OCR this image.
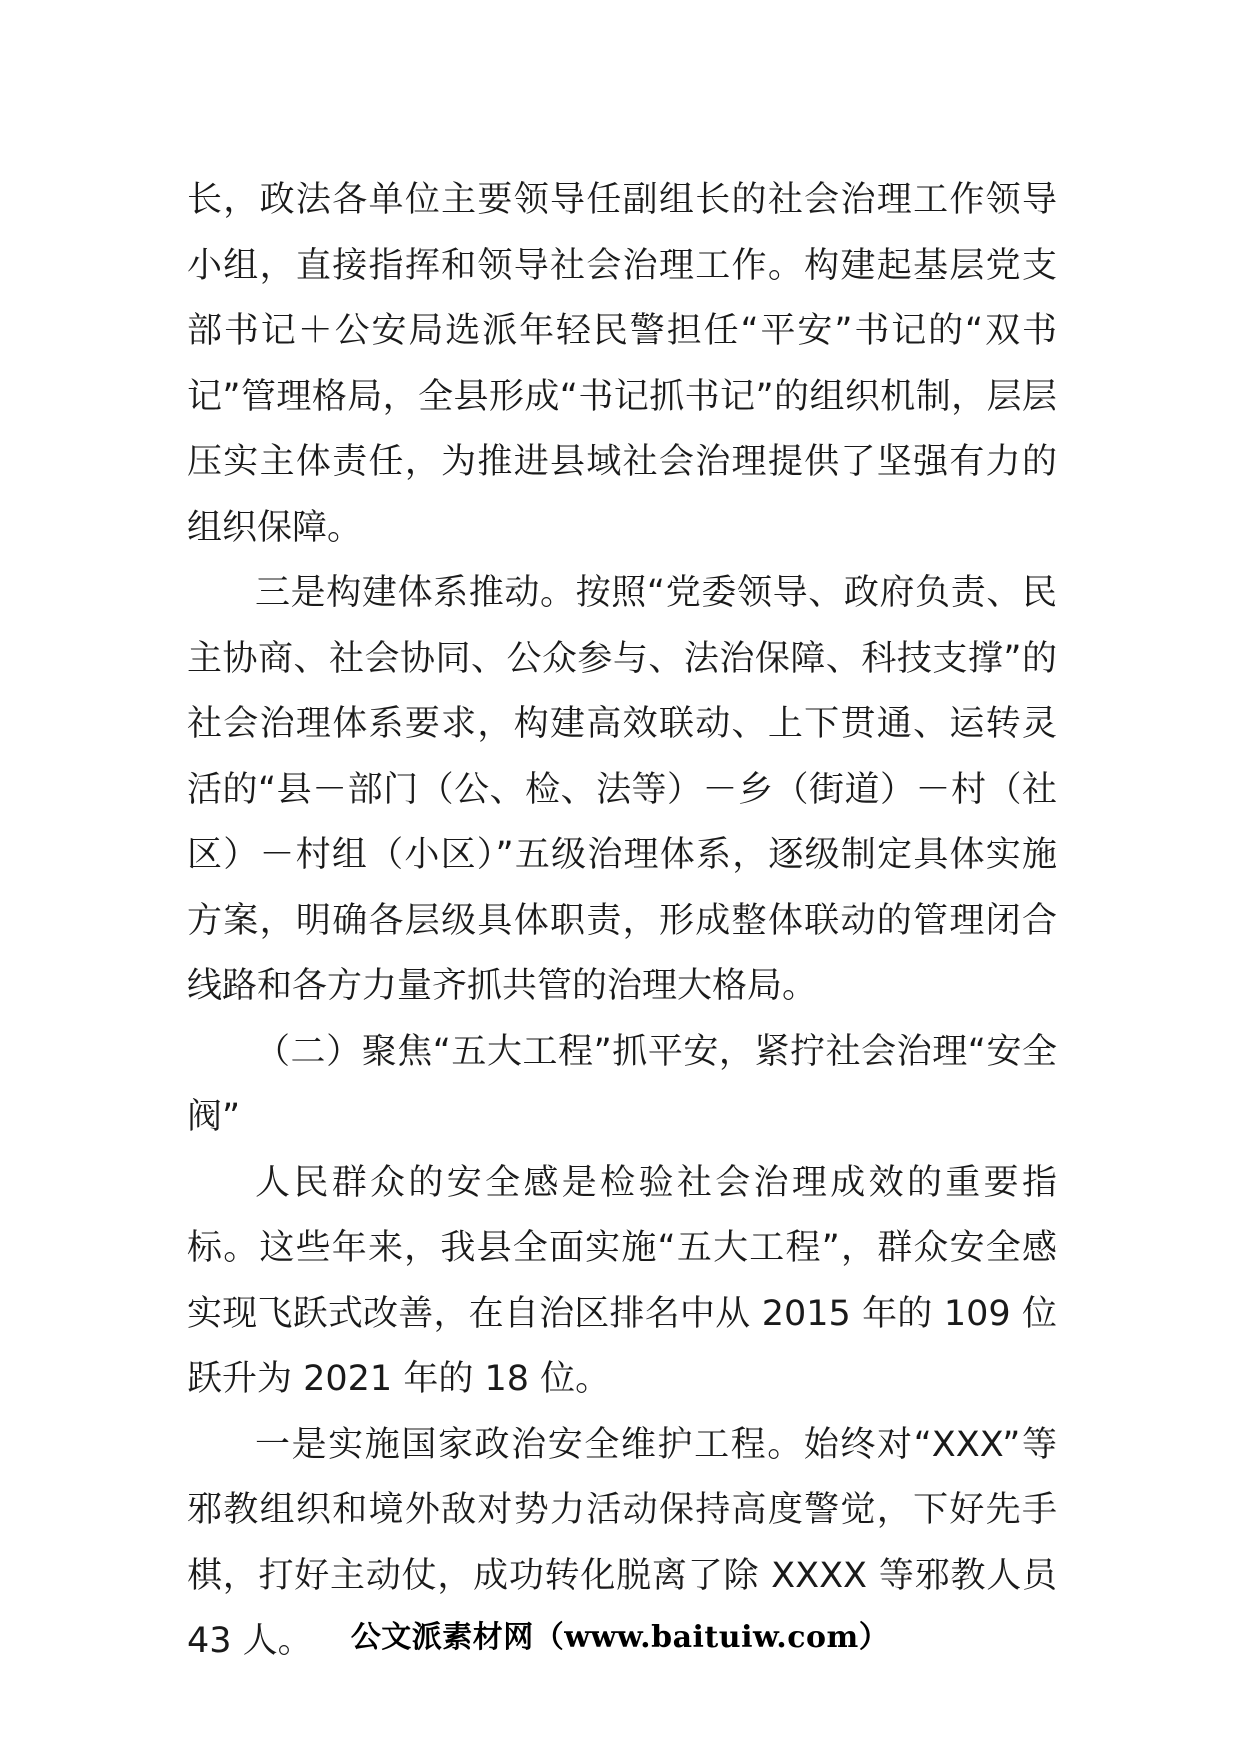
长，政法各单位主要领导任副组长的社会治理工作领导小组，直接指挥和领导社会治理工作。构建起基层党支部书记＋公安局选派年轻民警担任“平安”书记的“双书记”管理格局，全县形成“书记抓书记”的组织机制，层层压实主体责任，为推进县域社会治理提供了坚强有力的组织保障。

三是构建体系推动。按照“党委领导、政府负责、民主协商、社会协同、公众参与、法治保障、科技支撑”的社会治理体系要求，构建高效联动、上下贯通、运转灵活的“县－部门（公、检、法等）－乡（街道）－村（社区）－村组（小区）”五级治理体系，逐级制定具体实施方案，明确各层级具体职责，形成整体联动的管理闭合线路和各方力量齐抓共管的治理大格局。

（二）聚焦“五大工程”抓平安，紧拧社会治理“安全阀”

人民群众的安全感是检验社会治理成效的重要指标。这些年来，我县全面实施“五大工程”，群众安全感实现飞跃式改善，在自治区排名中从 2015 年的 109 位跃升为 2021 年的 18 位。

一是实施国家政治安全维护工程。始终对“XXX”等邪教组织和境外敌对势力活动保持高度警觉，下好先手棋，打好主动仗，成功转化脱离了除 XXXX 等邪教人员 43 人。	公文派素材网（www.baituiw.com）
